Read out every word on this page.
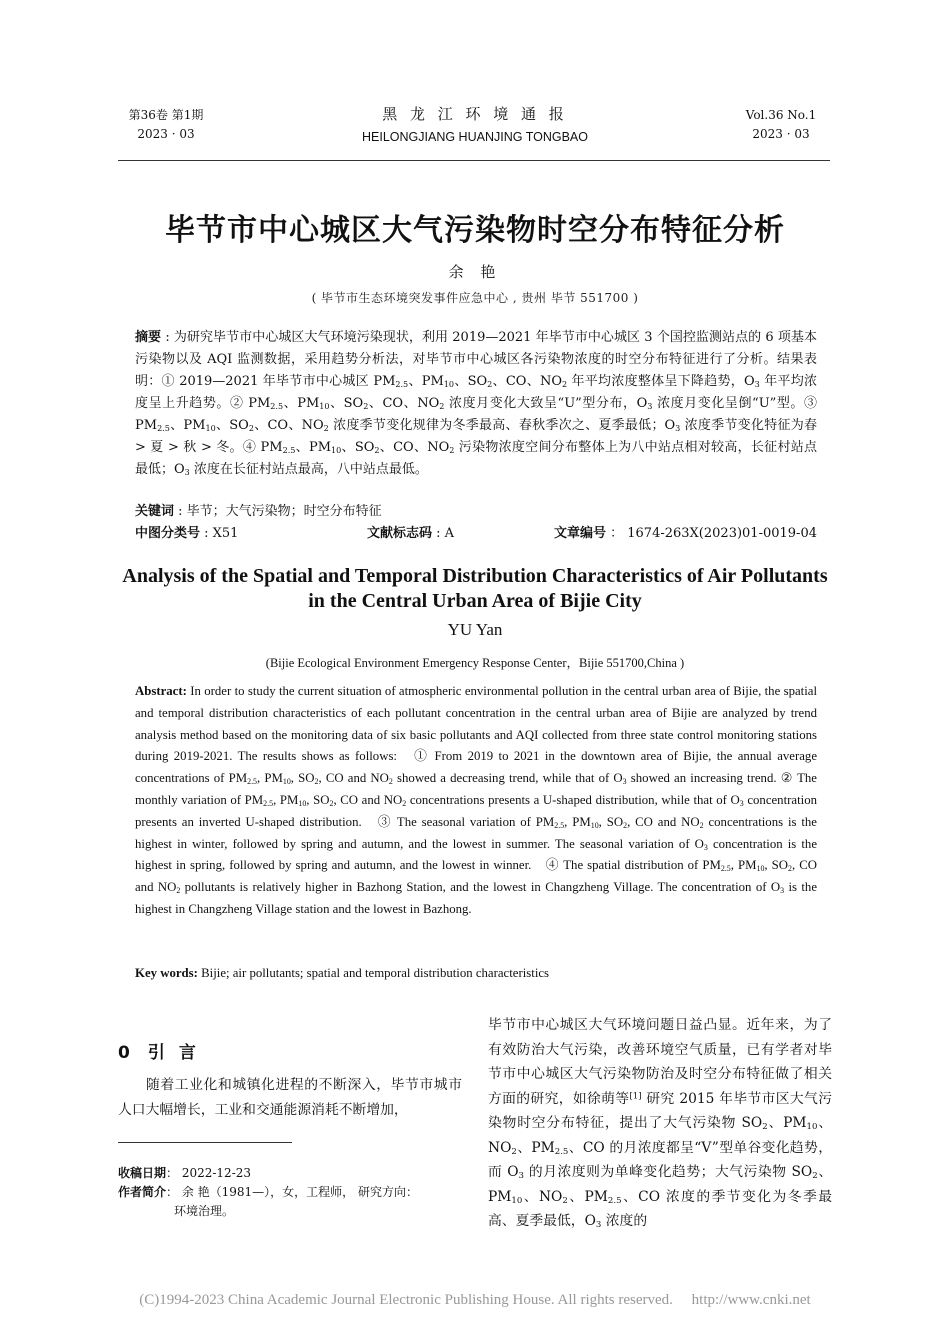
第36卷 第1期
2023 · 03
黑 龙 江 环 境 通 报
HEILONGJIANG HUANJING TONGBAO
Vol.36 No.1
2023 · 03
毕节市中心城区大气污染物时空分布特征分析
余 艳
( 毕节市生态环境突发事件应急中心 , 贵州 毕节 551700 )
摘要 : 为研究毕节市中心城区大气环境污染现状，利用 2019—2021 年毕节市中心城区 3 个国控监测站点的 6 项基本污染物以及 AQI 监测数据，采用趋势分析法，对毕节市中心城区各污染物浓度的时空分布特征进行了分析。结果表明：① 2019—2021 年毕节市中心城区 $PM_{2.5}$、$PM_{10}$、$SO_2$、CO、$NO_2$ 年平均浓度整体呈下降趋势，$O_3$ 年平均浓度呈上升趋势。② $PM_{2.5}$、$PM_{10}$、$SO_2$、CO、$NO_2$ 浓度月变化大致呈“U”型分布，$O_3$ 浓度月变化呈倒“U”型。③ $PM_{2.5}$、$PM_{10}$、$SO_2$、CO、$NO_2$ 浓度季节变化规律为冬季最高、春秋季次之、夏季最低；$O_3$ 浓度季节变化特征为春 > 夏 > 秋 > 冬。④ $PM_{2.5}$、$PM_{10}$、$SO_2$、CO、$NO_2$ 污染物浓度空间分布整体上为八中站点相对较高，长征村站点最低；$O_3$ 浓度在长征村站点最高，八中站点最低。
关键词 : 毕节；大气污染物；时空分布特征
中图分类号 : X51	文献标志码 : A	文章编号 ： 1674-263X(2023)01-0019-04
Analysis of the Spatial and Temporal Distribution Characteristics of Air Pollutants in the Central Urban Area of Bijie City
YU Yan
(Bijie Ecological Environment Emergency Response Center，Bijie 551700,China )
Abstract: In order to study the current situation of atmospheric environmental pollution in the central urban area of Bijie, the spatial and temporal distribution characteristics of each pollutant concentration in the central urban area of Bijie are analyzed by trend analysis method based on the monitoring data of six basic pollutants and AQI collected from three state control monitoring stations during 2019-2021. The results shows as follows:　① From 2019 to 2021 in the downtown area of Bijie, the annual average concentrations of $PM_{2.5}$, $PM_{10}$, $SO_2$, CO and $NO_2$ showed a decreasing trend, while that of $O_3$ showed an increasing trend. ② The monthly variation of $PM_{2.5}$, $PM_{10}$, $SO_2$, CO and $NO_2$ concentrations presents a U-shaped distribution, while that of $O_3$ concentration presents an inverted U-shaped distribution.　③ The seasonal variation of $PM_{2.5}$, $PM_{10}$, $SO_2$, CO and $NO_2$ concentrations is the highest in winter, followed by spring and autumn, and the lowest in summer. The seasonal variation of $O_3$ concentration is the highest in spring, followed by spring and autumn, and the lowest in winner.　④ The spatial distribution of $PM_{2.5}$, $PM_{10}$, $SO_2$, CO and $NO_2$ pollutants is relatively higher in Bazhong Station, and the lowest in Changzheng Village. The concentration of $O_3$ is the highest in Changzheng Village station and the lowest in Bazhong.
Key words: Bijie; air pollutants; spatial and temporal distribution characteristics
0 引言
随着工业化和城镇化进程的不断深入，毕节市城市人口大幅增长，工业和交通能源消耗不断增加，
毕节市中心城区大气环境问题日益凸显。近年来，为了有效防治大气污染，改善环境空气质量，已有学者对毕节市中心城区大气污染物防治及时空分布特征做了相关方面的研究，如徐萌等[1] 研究 2015 年毕节市区大气污染物时空分布特征，提出了大气污染物 $SO_2$、$PM_{10}$、$NO_2$、$PM_{2.5}$、CO 的月浓度都呈“V”型单谷变化趋势，而 $O_3$ 的月浓度则为单峰变化趋势；大气污染物 $SO_2$、$PM_{10}$、$NO_2$、$PM_{2.5}$、CO 浓度的季节变化为冬季最高、夏季最低，$O_3$ 浓度的
收稿日期： 2022-12-23
作者简介： 余 艳（1981—），女，工程师， 研究方向：
环境治理。
(C)1994-2023 China Academic Journal Electronic Publishing House. All rights reserved.　 http://www.cnki.net
